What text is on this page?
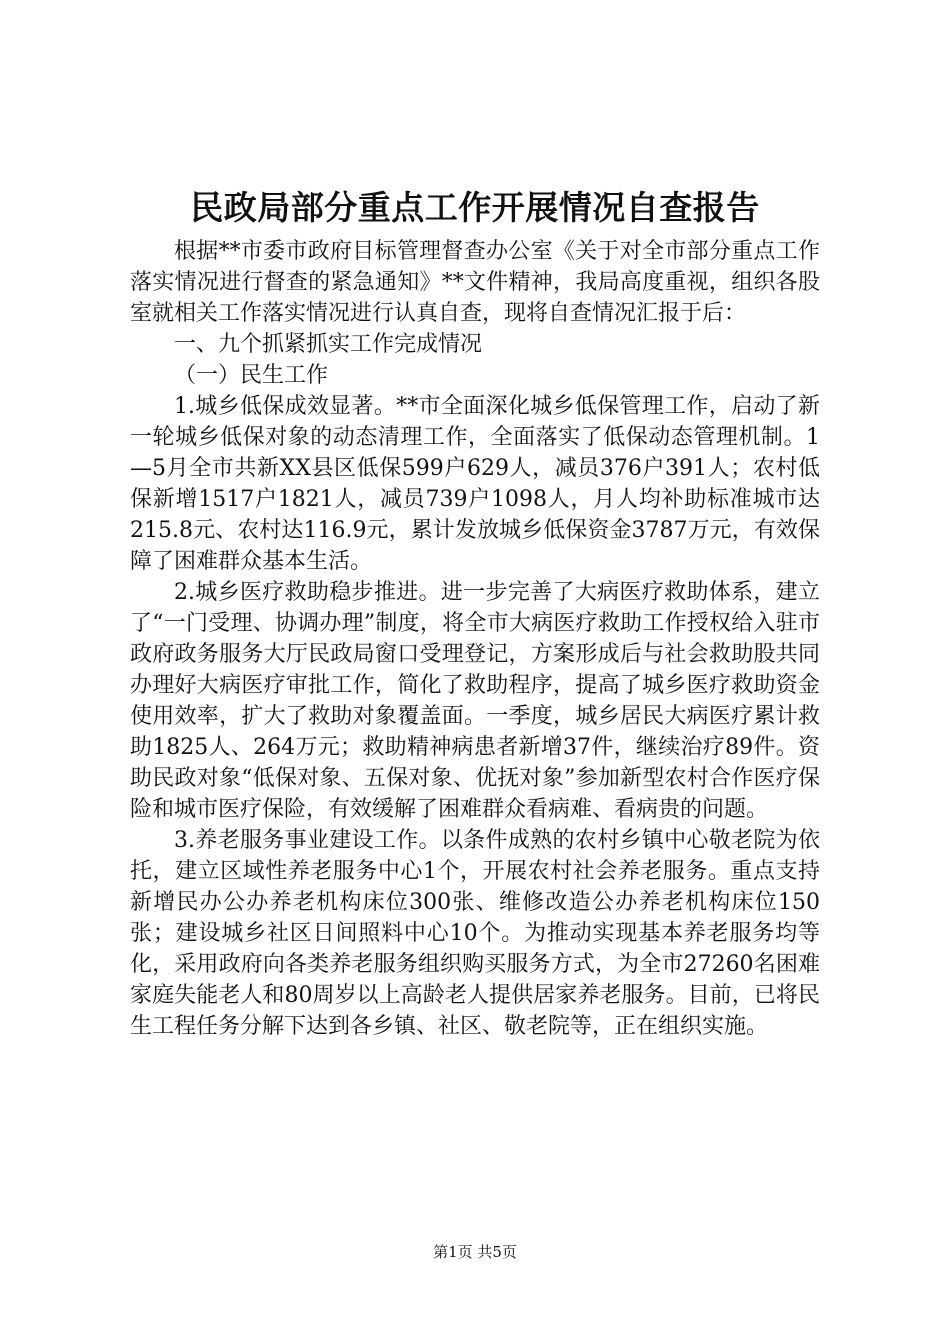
民政局部分重点工作开展情况自查报告

根据**市委市政府目标管理督查办公室《关于对全市部分重点工作落实情况进行督查的紧急通知》**文件精神，我局高度重视，组织各股室就相关工作落实情况进行认真自查，现将自查情况汇报于后：

一、九个抓紧抓实工作完成情况

（一）民生工作

1.城乡低保成效显著。**市全面深化城乡低保管理工作，启动了新一轮城乡低保对象的动态清理工作，全面落实了低保动态管理机制。1—5月全市共新XX县区低保599户629人，减员376户391人；农村低保新增1517户1821人，减员739户1098人，月人均补助标准城市达215.8元、农村达116.9元，累计发放城乡低保资金3787万元，有效保障了困难群众基本生活。

2.城乡医疗救助稳步推进。进一步完善了大病医疗救助体系，建立了“一门受理、协调办理”制度，将全市大病医疗救助工作授权给入驻市政府政务服务大厅民政局窗口受理登记，方案形成后与社会救助股共同办理好大病医疗审批工作，简化了救助程序，提高了城乡医疗救助资金使用效率，扩大了救助对象覆盖面。一季度，城乡居民大病医疗累计救助1825人、264万元；救助精神病患者新增37件，继续治疗89件。资助民政对象“低保对象、五保对象、优抚对象”参加新型农村合作医疗保险和城市医疗保险，有效缓解了困难群众看病难、看病贵的问题。

3.养老服务事业建设工作。以条件成熟的农村乡镇中心敬老院为依托，建立区域性养老服务中心1个，开展农村社会养老服务。重点支持新增民办公办养老机构床位300张、维修改造公办养老机构床位150张；建设城乡社区日间照料中心10个。为推动实现基本养老服务均等化，采用政府向各类养老服务组织购买服务方式，为全市27260名困难家庭失能老人和80周岁以上高龄老人提供居家养老服务。目前，已将民生工程任务分解下达到各乡镇、社区、敬老院等，正在组织实施。

第1页 共5页
